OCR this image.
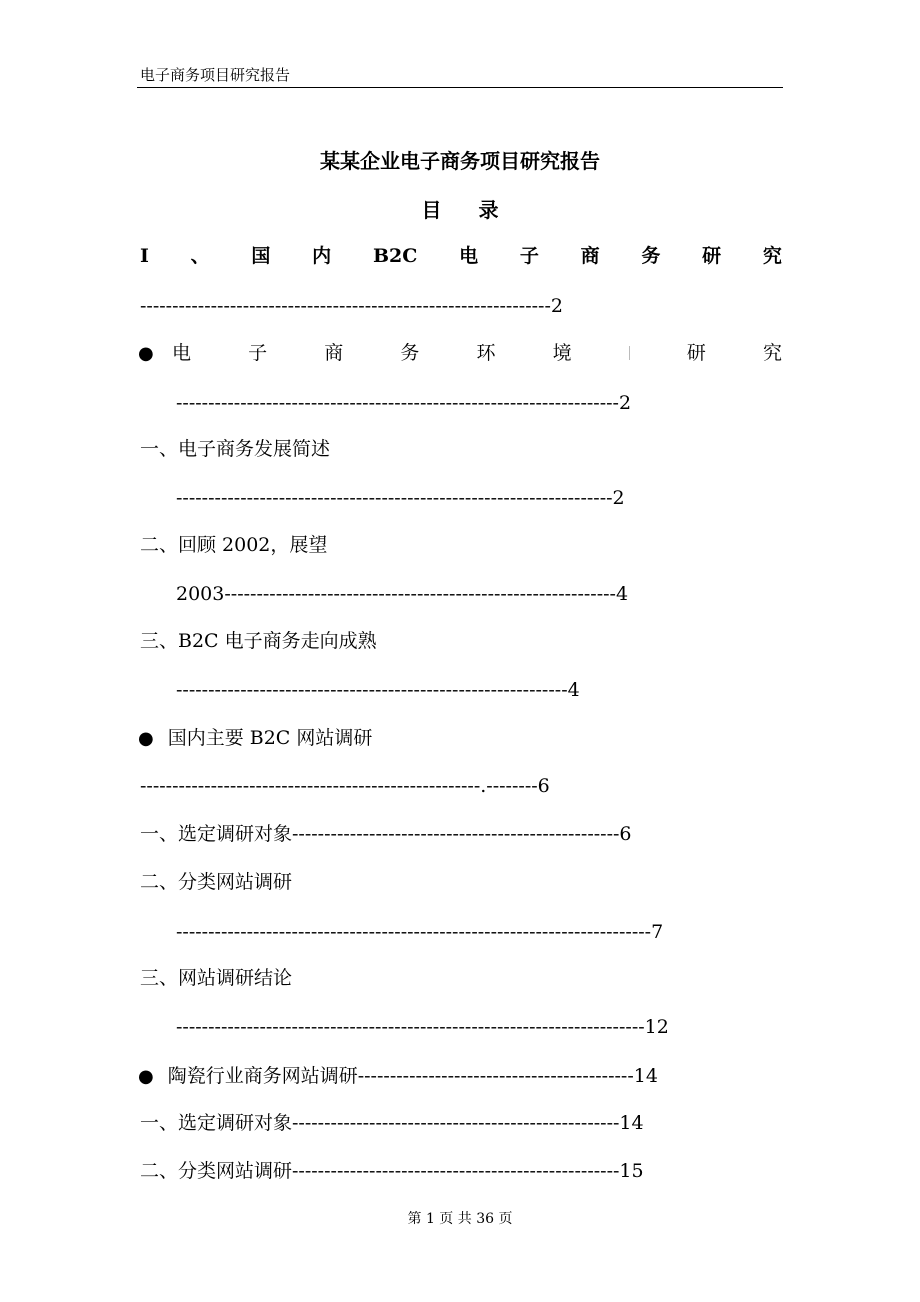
电子商务项目研究报告
某某企业电子商务项目研究报告
目 录
I 、 国 内 B2C 电 子 商 务 研 究
----------------------------------------------------------------2
● 电	子	商	务	环	境	研	究
---------------------------------------------------------------------2
一、电子商务发展简述
--------------------------------------------------------------------2
二、回顾 2002，展望
2003-------------------------------------------------------------4
三、B2C 电子商务走向成熟
-------------------------------------------------------------4
● 国内主要 B2C 网站调研
-----------------------------------------------------.--------6
一、选定调研对象---------------------------------------------------6
二、分类网站调研
--------------------------------------------------------------------------7
三、网站调研结论
-------------------------------------------------------------------------12
● 陶瓷行业商务网站调研-------------------------------------------14
一、选定调研对象---------------------------------------------------14
二、分类网站调研---------------------------------------------------15
第 1 页 共 36 页
